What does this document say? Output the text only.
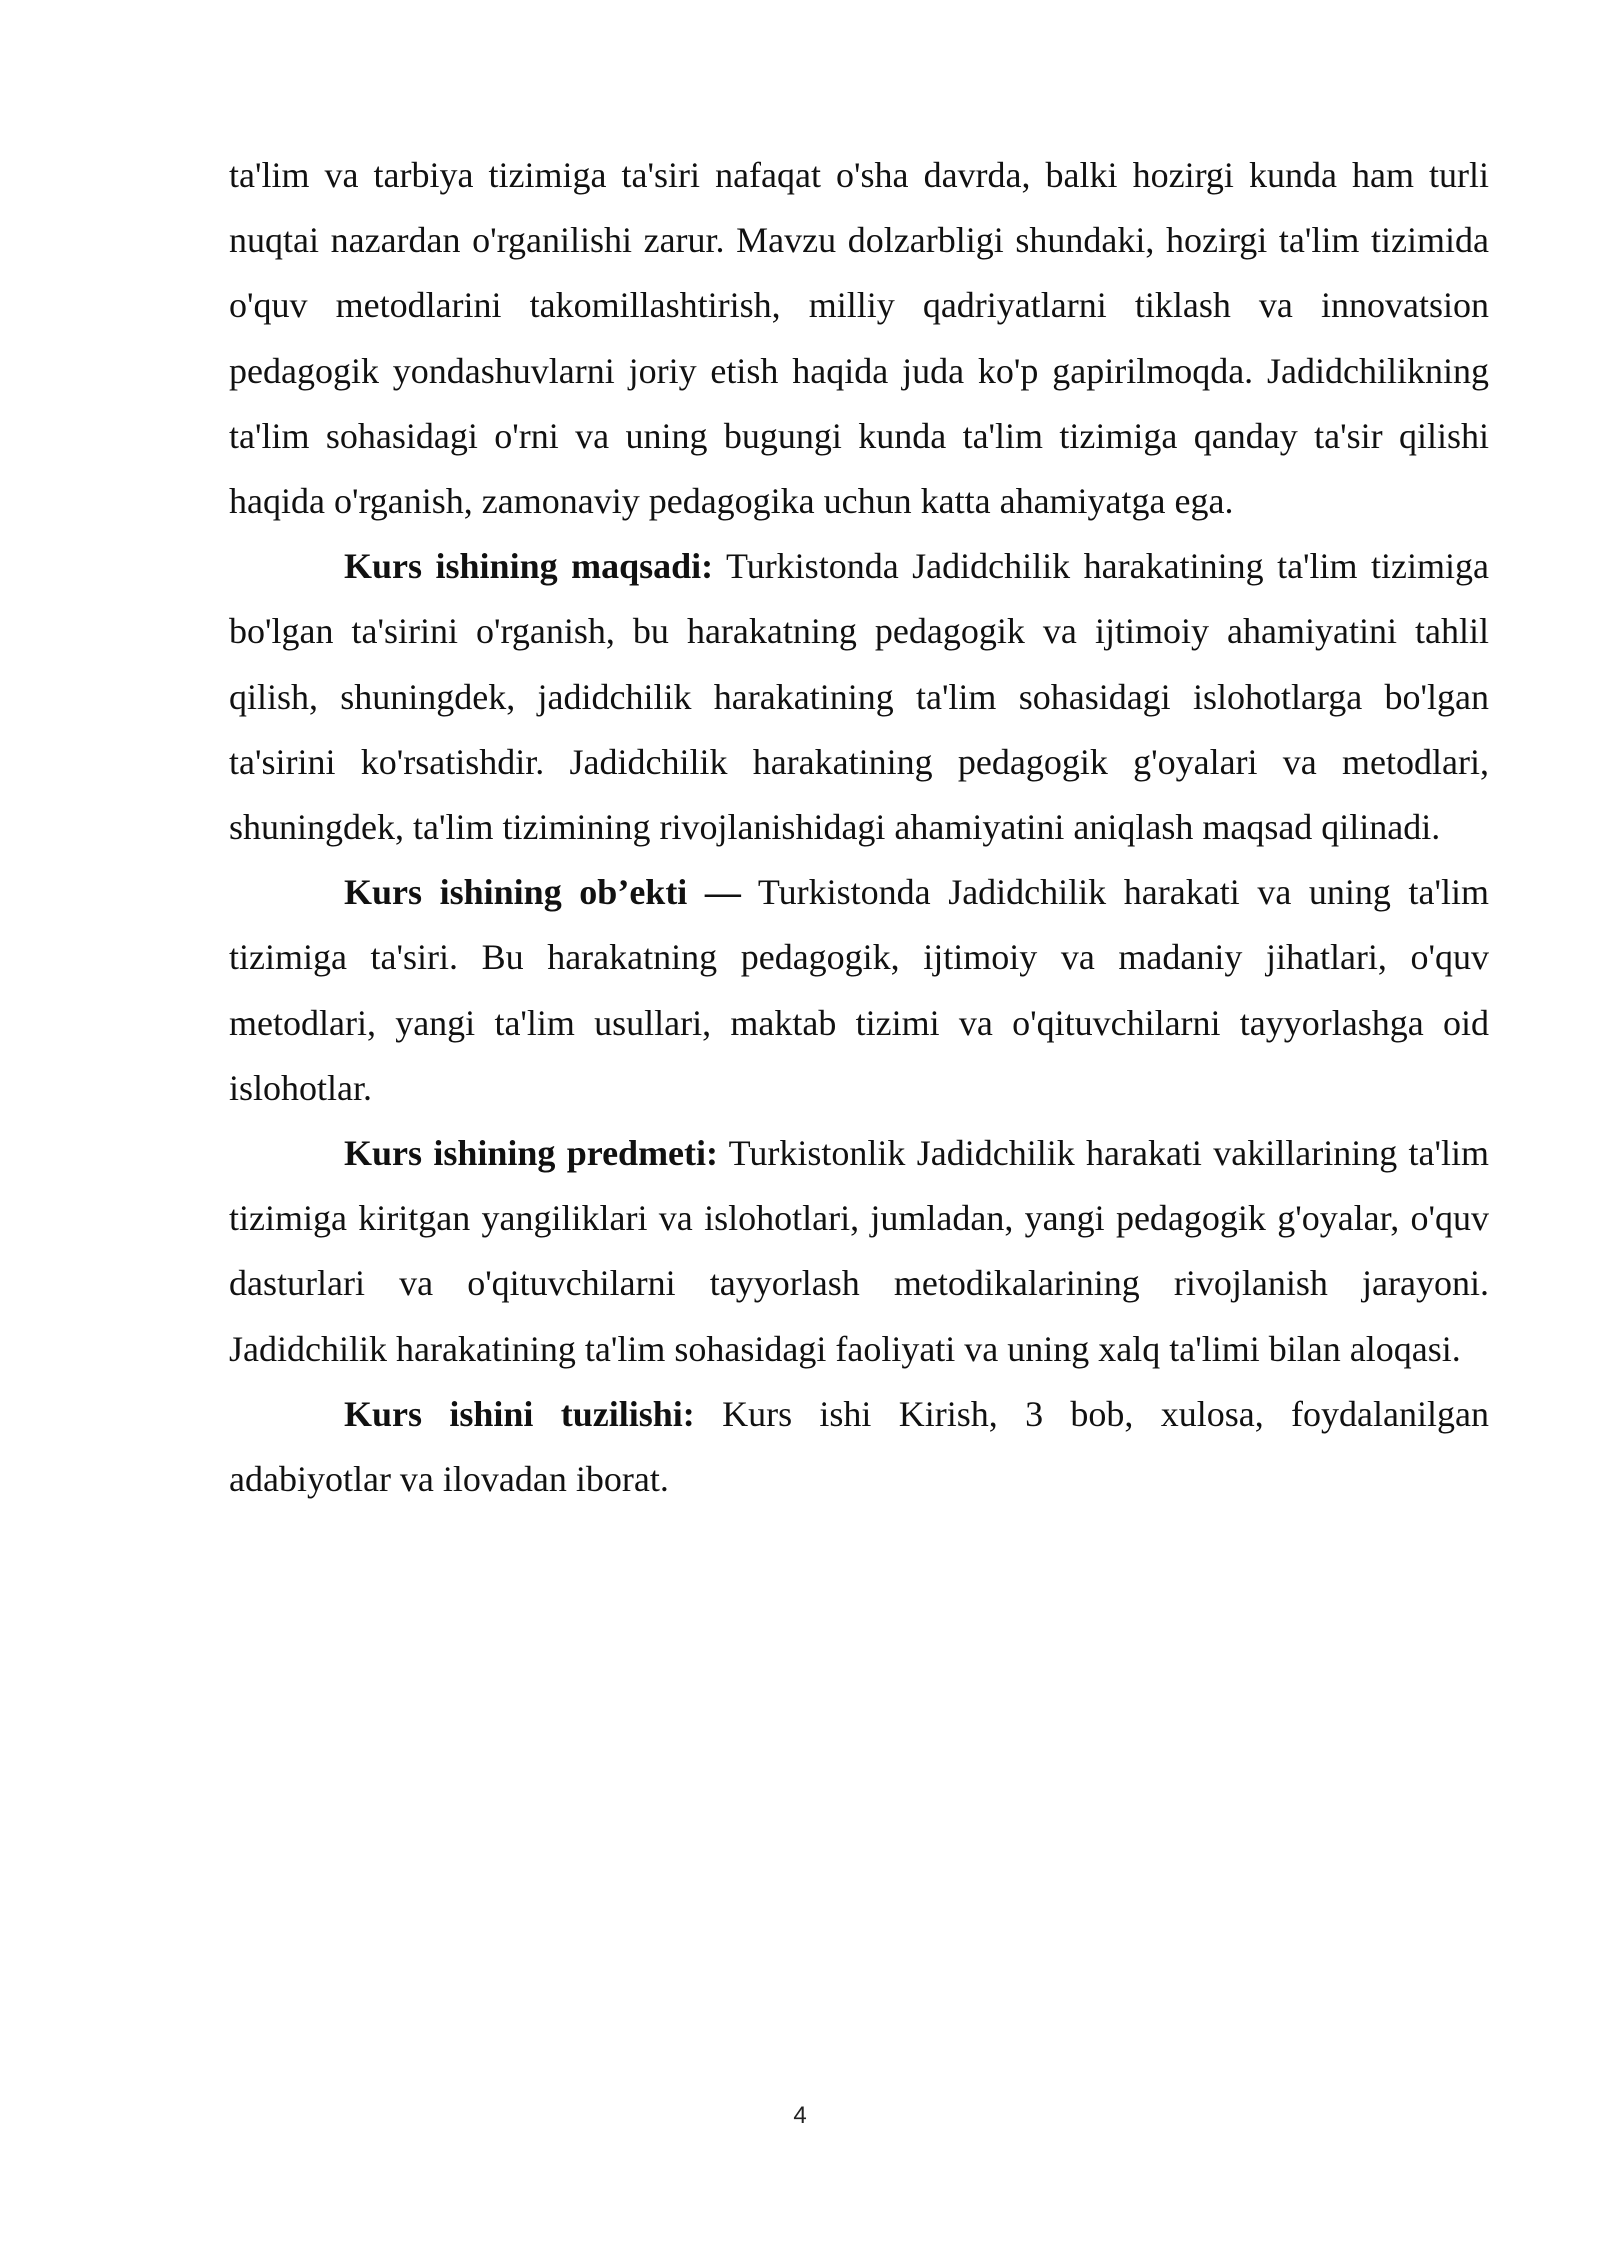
ta'lim va tarbiya tizimiga ta'siri nafaqat o'sha davrda, balki hozirgi kunda ham turli nuqtai nazardan o'rganilishi zarur. Mavzu dolzarbligi shundaki, hozirgi ta'lim tizimida o'quv metodlarini takomillashtirish, milliy qadriyatlarni tiklash va innovatsion pedagogik yondashuvlarni joriy etish haqida juda ko'p gapirilmoqda. Jadidchilikning ta'lim sohasidagi o'rni va uning bugungi kunda ta'lim tizimiga qanday ta'sir qilishi haqida o'rganish, zamonaviy pedagogika uchun katta ahamiyatga ega.

Kurs ishining maqsadi: Turkistonda Jadidchilik harakatining ta'lim tizimiga bo'lgan ta'sirini o'rganish, bu harakatning pedagogik va ijtimoiy ahamiyatini tahlil qilish, shuningdek, jadidchilik harakatining ta'lim sohasidagi islohotlarga bo'lgan ta'sirini ko'rsatishdir. Jadidchilik harakatining pedagogik g'oyalari va metodlari, shuningdek, ta'lim tizimining rivojlanishidagi ahamiyatini aniqlash maqsad qilinadi.

Kurs ishining ob’ekti — Turkistonda Jadidchilik harakati va uning ta'lim tizimiga ta'siri. Bu harakatning pedagogik, ijtimoiy va madaniy jihatlari, o'quv metodlari, yangi ta'lim usullari, maktab tizimi va o'qituvchilarni tayyorlashga oid islohotlar.

Kurs ishining predmeti: Turkistonlik Jadidchilik harakati vakillarining ta'lim tizimiga kiritgan yangiliklari va islohotlari, jumladan, yangi pedagogik g'oyalar, o'quv dasturlari va o'qituvchilarni tayyorlash metodikalarining rivojlanish jarayoni. Jadidchilik harakatining ta'lim sohasidagi faoliyati va uning xalq ta'limi bilan aloqasi.

Kurs ishini tuzilishi: Kurs ishi Kirish, 3 bob, xulosa, foydalanilgan adabiyotlar va ilovadan iborat.

4
